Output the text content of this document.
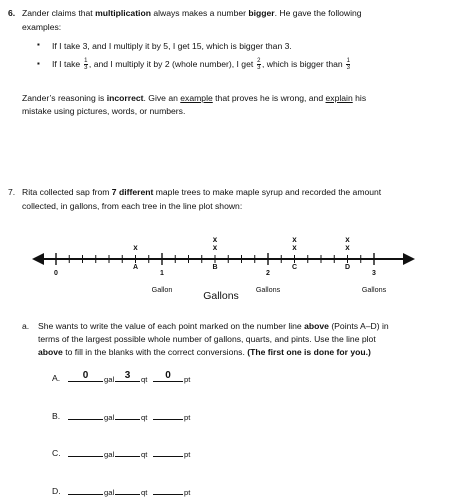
6. Zander claims that multiplication always makes a number bigger. He gave the following
examples:
▪ If I take 3, and I multiply it by 5, I get 15, which is bigger than 3.
▪ If I take $\frac{1}{3}$ , and I multiply it by 2 (whole number), I get $\frac{2}{3}$ , which is bigger than $\frac{1}{3}$
Zander’s reasoning is incorrect. Give an example that proves he is wrong, and explain his
mistake using pictures, words, or numbers.
7. Rita collected sap from 7 different maple trees to make maple syrup and recorded the amount
collected, in gallons, from each tree in the line plot shown:
x	x
x
x
x
x
x
A	B	C	D
0	1	2	3
Gallon	Gallons	Gallons
Gallons
a. She wants to write the value of each point marked on the number line above (Points A–D) in
terms of the largest possible whole number of gallons, quarts, and pints. Use the line plot
above to fill in the blanks with the correct conversions. (The first one is done for you.)
A.	0	gal	3	qt	0	pt
B.	gal	qt	pt
C.	gal	qt	pt
D.	gal	qt	pt
